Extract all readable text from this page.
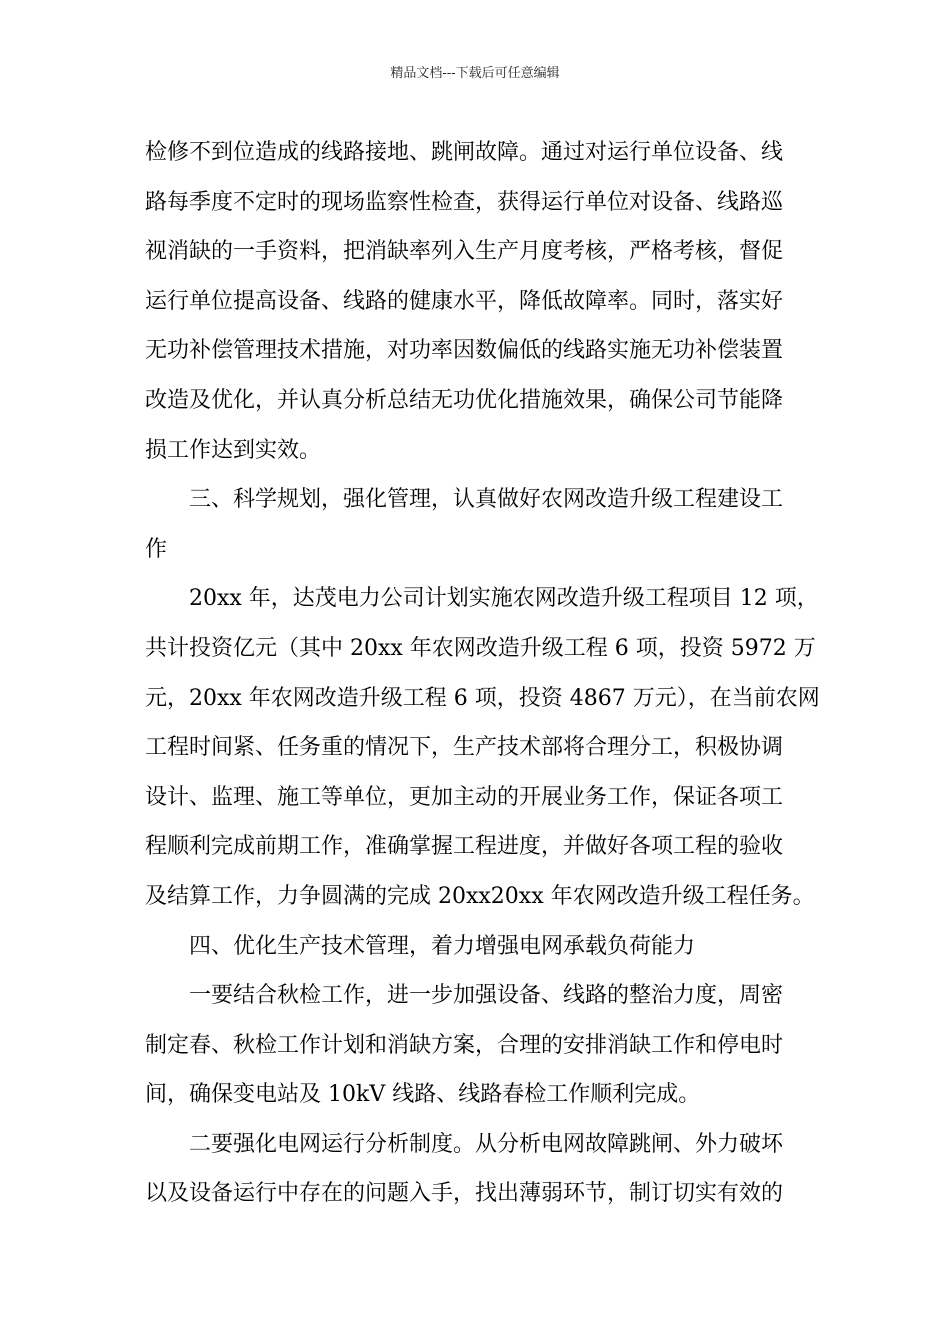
精品文档---下载后可任意编辑
检修不到位造成的线路接地、跳闸故障。通过对运行单位设备、线
路每季度不定时的现场监察性检查，获得运行单位对设备、线路巡
视消缺的一手资料，把消缺率列入生产月度考核，严格考核，督促
运行单位提高设备、线路的健康水平，降低故障率。同时，落实好
无功补偿管理技术措施，对功率因数偏低的线路实施无功补偿装置
改造及优化，并认真分析总结无功优化措施效果，确保公司节能降
损工作达到实效。
三、科学规划，强化管理，认真做好农网改造升级工程建设工
作
20xx 年，达茂电力公司计划实施农网改造升级工程项目 12 项，
共计投资亿元（其中 20xx 年农网改造升级工程 6 项，投资 5972 万
元，20xx 年农网改造升级工程 6 项，投资 4867 万元），在当前农网
工程时间紧、任务重的情况下，生产技术部将合理分工，积极协调
设计、监理、施工等单位，更加主动的开展业务工作，保证各项工
程顺利完成前期工作，准确掌握工程进度，并做好各项工程的验收
及结算工作，力争圆满的完成 20xx20xx 年农网改造升级工程任务。
四、优化生产技术管理，着力增强电网承载负荷能力
一要结合秋检工作，进一步加强设备、线路的整治力度，周密
制定春、秋检工作计划和消缺方案，合理的安排消缺工作和停电时
间，确保变电站及 10kV 线路、线路春检工作顺利完成。
二要强化电网运行分析制度。从分析电网故障跳闸、外力破坏
以及设备运行中存在的问题入手，找出薄弱环节，制订切实有效的
